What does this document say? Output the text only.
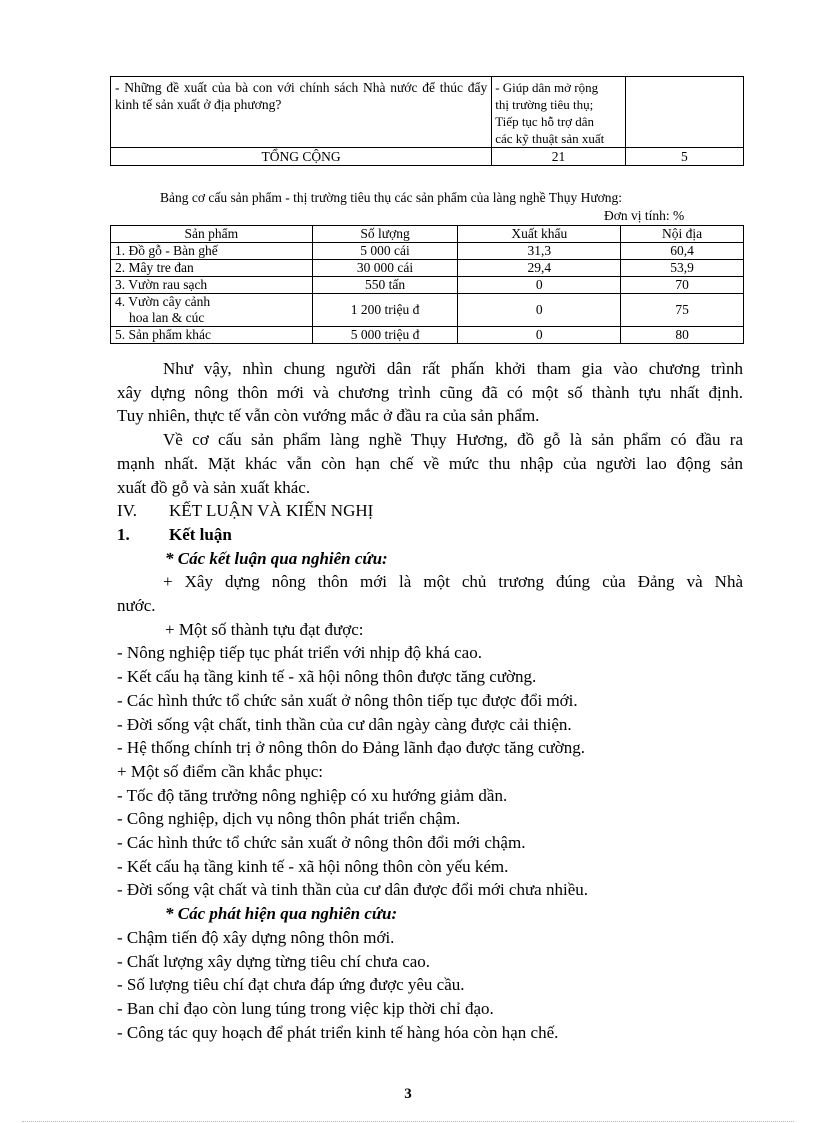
- Những đề xuất của bà con với chính sách Nhà nước để thúc đẩy kinh tế sản xuất ở địa phương?	- Giúp dân mở rộng
thị trường tiêu thụ;
Tiếp tục hỗ trợ dân
các kỹ thuật sản xuất	

TỔNG CỘNG	21	5
Bảng cơ cấu sản phẩm - thị trường tiêu thụ các sản phẩm của làng nghề Thụy Hương:
Đơn vị tính: %
Sản phẩm	Số lượng	Xuất khẩu	Nội địa
1. Đồ gỗ - Bàn ghế	5 000 cái	31,3	60,4
2. Mây tre đan	30 000 cái	29,4	53,9
3. Vườn rau sạch	550 tấn	0	70

4. Vườn cây cảnh
hoa lan & cúc	1 200 triệu đ	0	75
5. Sản phẩm khác	5 000 triệu đ	0	80

Như vậy, nhìn chung người dân rất phấn khởi tham gia vào chương trình

xây dựng nông thôn mới và chương trình cũng đã có một số thành tựu nhất định.

Tuy nhiên, thực tế vẫn còn vướng mắc ở đầu ra của sản phẩm.

Về cơ cấu sản phẩm làng nghề Thụy Hương, đồ gỗ là sản phẩm có đầu ra

mạnh nhất. Mặt khác vẫn còn hạn chế về mức thu nhập của người lao động sản

xuất đồ gỗ và sản xuất khác.

IV.	KẾT LUẬN VÀ KIẾN NGHỊ
1.	Kết luận

* Các kết luận qua nghiên cứu:

+ Xây dựng nông thôn mới là một chủ trương đúng của Đảng và Nhà

nước.

+ Một số thành tựu đạt được:

- Nông nghiệp tiếp tục phát triển với nhịp độ khá cao.

- Kết cấu hạ tầng kinh tế - xã hội nông thôn được tăng cường.

- Các hình thức tổ chức sản xuất ở nông thôn tiếp tục được đổi mới.

- Đời sống vật chất, tinh thần của cư dân ngày càng được cải thiện.

- Hệ thống chính trị ở nông thôn do Đảng lãnh đạo được tăng cường.

+ Một số điểm cần khắc phục:

- Tốc độ tăng trưởng nông nghiệp có xu hướng giảm dần.

- Công nghiệp, dịch vụ nông thôn phát triển chậm.

- Các hình thức tổ chức sản xuất ở nông thôn đổi mới chậm.

- Kết cấu hạ tầng kinh tế - xã hội nông thôn còn yếu kém.

- Đời sống vật chất và tinh thần của cư dân được đổi mới chưa nhiều.

* Các phát hiện qua nghiên cứu:

- Chậm tiến độ xây dựng nông thôn mới.

- Chất lượng xây dựng từng tiêu chí chưa cao.

- Số lượng tiêu chí đạt chưa đáp ứng được yêu cầu.

- Ban chỉ đạo còn lung túng trong việc kịp thời chỉ đạo.

- Công tác quy hoạch để phát triển kinh tế hàng hóa còn hạn chế.

3
